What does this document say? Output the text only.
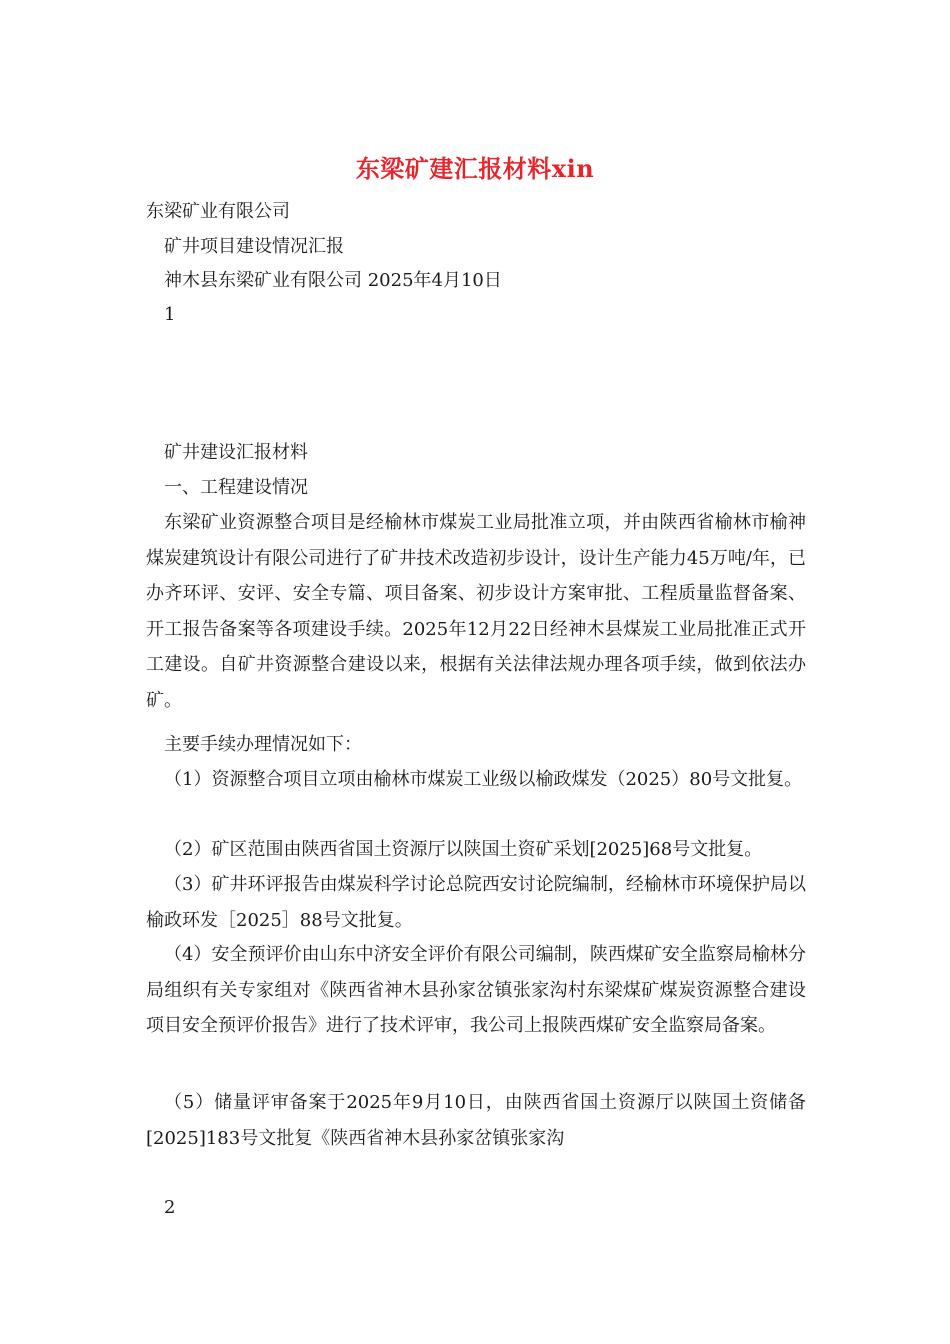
东梁矿建汇报材料xin
东梁矿业有限公司
矿井项目建设情况汇报
神木县东梁矿业有限公司 2025年4月10日
1
矿井建设汇报材料
一、工程建设情况
东梁矿业资源整合项目是经榆林市煤炭工业局批准立项，并由陕西省榆林市榆神煤炭建筑设计有限公司进行了矿井技术改造初步设计，设计生产能力45万吨/年，已办齐环评、安评、安全专篇、项目备案、初步设计方案审批、工程质量监督备案、开工报告备案等各项建设手续。2025年12月22日经神木县煤炭工业局批准正式开工建设。自矿井资源整合建设以来，根据有关法律法规办理各项手续，做到依法办矿。
主要手续办理情况如下：
（1）资源整合项目立项由榆林市煤炭工业级以榆政煤发（2025）80号文批复。
（2）矿区范围由陕西省国土资源厅以陕国土资矿采划[2025]68号文批复。
（3）矿井环评报告由煤炭科学讨论总院西安讨论院编制，经榆林市环境保护局以榆政环发［2025］88号文批复。
（4）安全预评价由山东中济安全评价有限公司编制，陕西煤矿安全监察局榆林分局组织有关专家组对《陕西省神木县孙家岔镇张家沟村东梁煤矿煤炭资源整合建设项目安全预评价报告》进行了技术评审，我公司上报陕西煤矿安全监察局备案。
（5）储量评审备案于2025年9月10日，由陕西省国土资源厅以陕国土资储备[2025]183号文批复《陕西省神木县孙家岔镇张家沟
2
